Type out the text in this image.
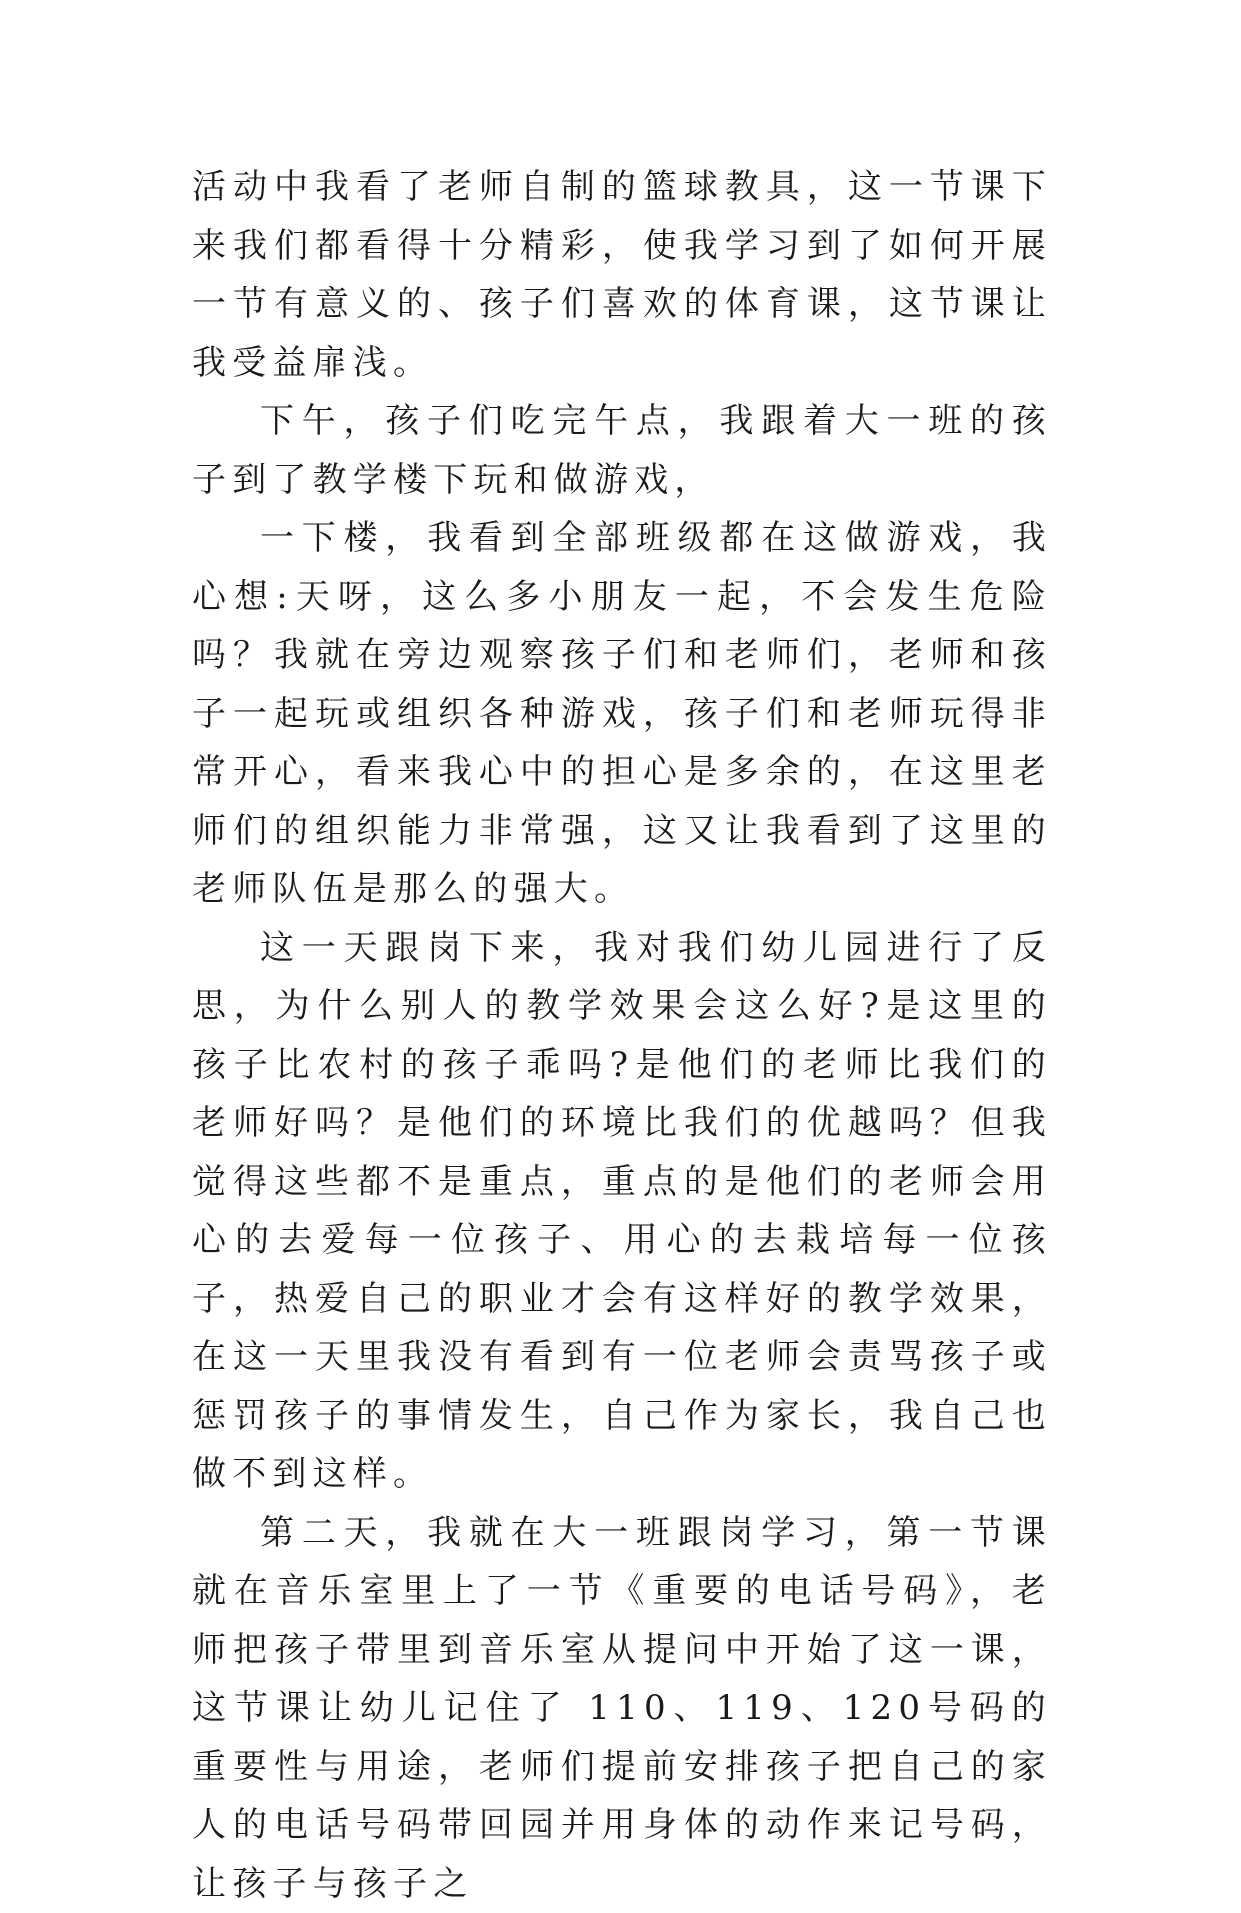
活动中我看了老师自制的篮球教具，这一节课下来我们都看得十分精彩，使我学习到了如何开展一节有意义的、孩子们喜欢的体育课，这节课让我受益扉浅。

下午，孩子们吃完午点，我跟着大一班的孩子到了教学楼下玩和做游戏，

一下楼，我看到全部班级都在这做游戏，我心想:天呀，这么多小朋友一起，不会发生危险吗？我就在旁边观察孩子们和老师们，老师和孩子一起玩或组织各种游戏，孩子们和老师玩得非常开心，看来我心中的担心是多余的，在这里老师们的组织能力非常强，这又让我看到了这里的老师队伍是那么的强大。

这一天跟岗下来，我对我们幼儿园进行了反思，为什么别人的教学效果会这么好?是这里的孩子比农村的孩子乖吗?是他们的老师比我们的老师好吗？是他们的环境比我们的优越吗？但我觉得这些都不是重点，重点的是他们的老师会用心的去爱每一位孩子、用心的去栽培每一位孩子，热爱自己的职业才会有这样好的教学效果，在这一天里我没有看到有一位老师会责骂孩子或惩罚孩子的事情发生，自己作为家长，我自己也做不到这样。

第二天，我就在大一班跟岗学习，第一节课就在音乐室里上了一节《重要的电话号码》，老师把孩子带里到音乐室从提问中开始了这一课，这节课让幼儿记住了 110、119、120号码的重要性与用途，老师们提前安排孩子把自己的家人的电话号码带回园并用身体的动作来记号码，让孩子与孩子之
